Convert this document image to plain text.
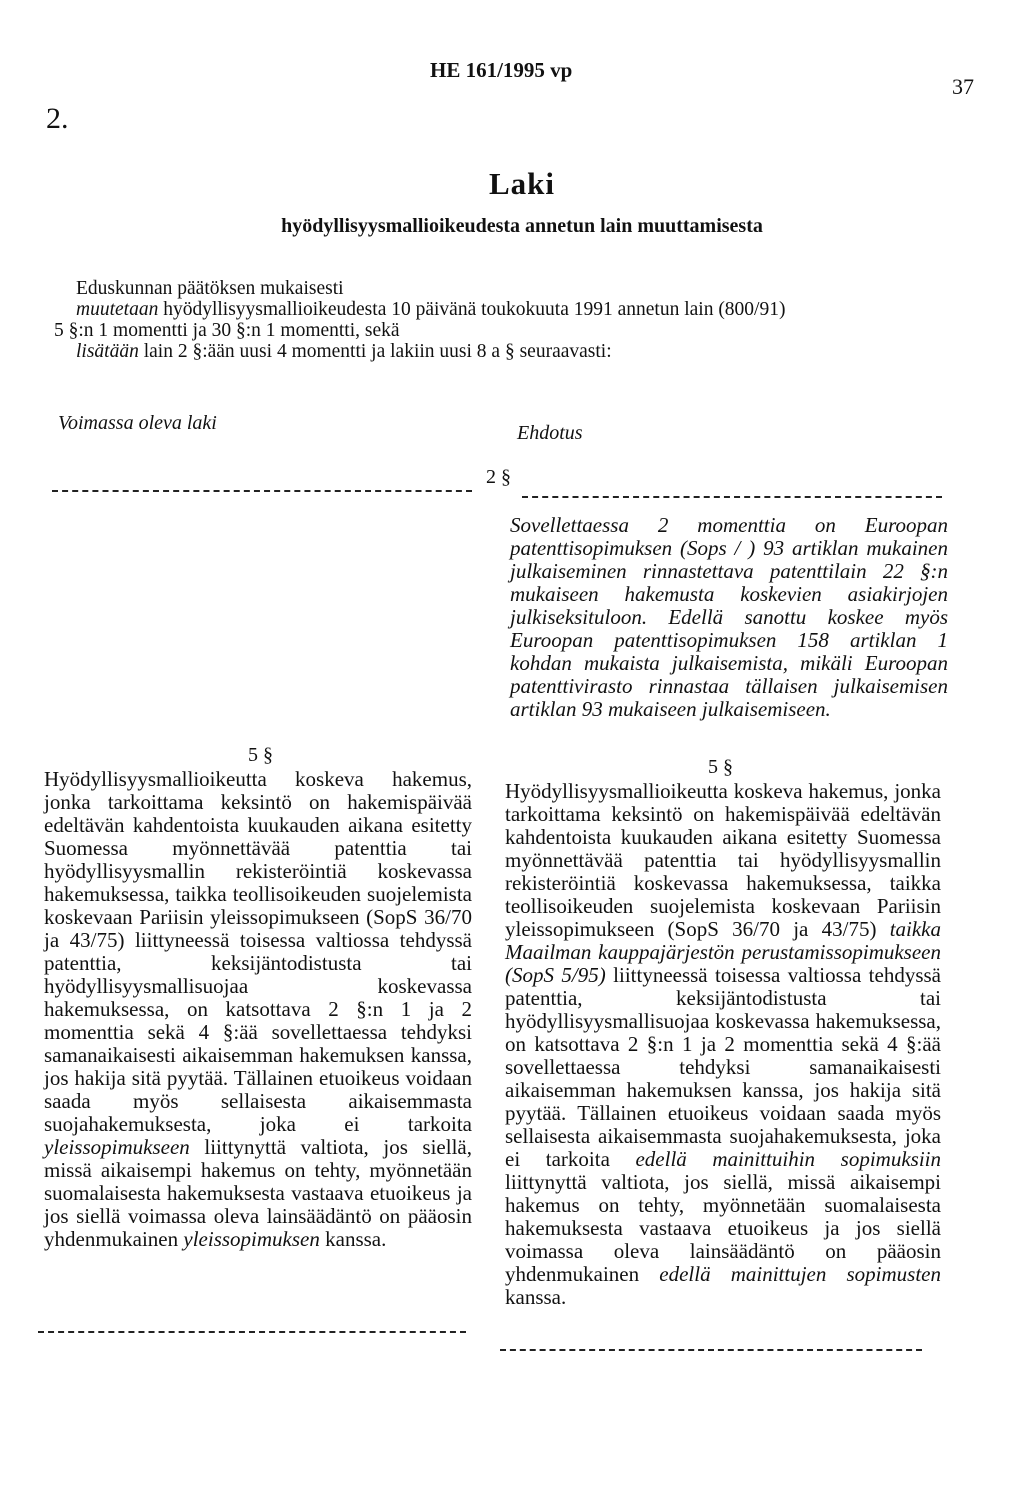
2.
HE 161/1995 vp
37
Laki
hyödyllisyysmallioikeudesta annetun lain muuttamisesta
Eduskunnan päätöksen mukaisesti
muutetaan hyödyllisyysmallioikeudesta 10 päivänä toukokuuta 1991 annetun lain (800/91)
5 §:n 1 momentti ja 30 §:n 1 momentti, sekä
lisätään lain 2 §:ään uusi 4 momentti ja lakiin uusi 8 a § seuraavasti:
Voimassa oleva laki	Ehdotus
2 §
Sovellettaessa 2 momenttia on Euroopan patenttisopimuksen (Sops / ) 93 artiklan mukainen julkaiseminen rinnastettava patenttilain 22 §:n mukaiseen hakemusta koskevien asiakirjojen julkiseksituloon. Edellä sanottu koskee myös Euroopan patenttisopimuksen 158 artiklan 1 kohdan mukaista julkaisemista, mikäli Euroopan patenttivirasto rinnastaa tällaisen julkaisemisen artiklan 93 mukaiseen julkaisemiseen.
5 §
Hyödyllisyysmallioikeutta koskeva hakemus, jonka tarkoittama keksintö on hakemispäivää edeltävän kahdentoista kuukauden aikana esitetty Suomessa myönnettävää patenttia tai hyödyllisyysmallin rekisteröintiä koskevassa hakemuksessa, taikka teollisoikeuden suojelemista koskevaan Pariisin yleissopimukseen (SopS 36/70 ja 43/75) liittyneessä toisessa valtiossa tehdyssä patenttia, keksijäntodistusta tai hyödyllisyysmallisuojaa koskevassa hakemuksessa, on katsottava 2 §:n 1 ja 2 momenttia sekä 4 §:ää sovellettaessa tehdyksi samanaikaisesti aikaisemman hakemuksen kanssa, jos hakija sitä pyytää. Tällainen etuoikeus voidaan saada myös sellaisesta aikaisemmasta suojahakemuksesta, joka ei tarkoita yleissopimukseen liittynyttä valtiota, jos siellä, missä aikaisempi hakemus on tehty, myönnetään suomalaisesta hakemuksesta vastaava etuoikeus ja jos siellä voimassa oleva lainsäädäntö on pääosin yhdenmukainen yleissopimuksen kanssa.
5 §
Hyödyllisyysmallioikeutta koskeva hakemus, jonka tarkoittama keksintö on hakemispäivää edeltävän kahdentoista kuukauden aikana esitetty Suomessa myönnettävää patenttia tai hyödyllisyysmallin rekisteröintiä koskevassa hakemuksessa, taikka teollisoikeuden suojelemista koskevaan Pariisin yleissopimukseen (SopS 36/70 ja 43/75) taikka Maailman kauppajärjestön perustamissopimukseen (SopS 5/95) liittyneessä toisessa valtiossa tehdyssä patenttia, keksijäntodistusta tai hyödyllisyysmallisuojaa koskevassa hakemuksessa, on katsottava 2 §:n 1 ja 2 momenttia sekä 4 §:ää sovellettaessa tehdyksi samanaikaisesti aikaisemman hakemuksen kanssa, jos hakija sitä pyytää. Tällainen etuoikeus voidaan saada myös sellaisesta aikaisemmasta suojahakemuksesta, joka ei tarkoita edellä mainittuihin sopimuksiin liittynyttä valtiota, jos siellä, missä aikaisempi hakemus on tehty, myönnetään suomalaisesta hakemuksesta vastaava etuoikeus ja jos siellä voimassa oleva lainsäädäntö on pääosin yhdenmukainen edellä mainittujen sopimusten kanssa.
